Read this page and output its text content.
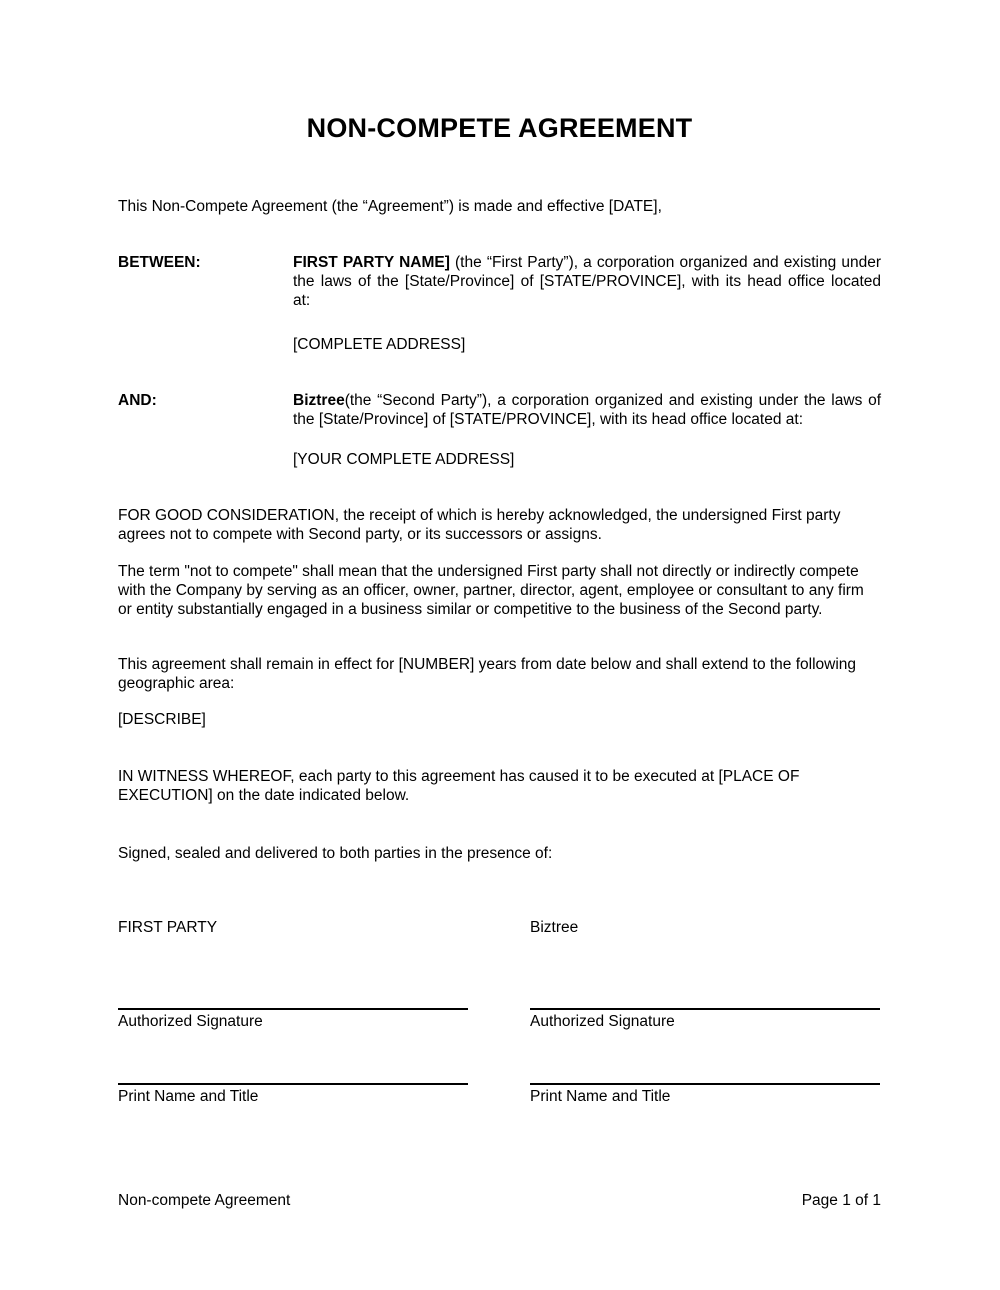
NON-COMPETE AGREEMENT
This Non-Compete Agreement (the “Agreement”) is made and effective [DATE],
BETWEEN:	FIRST PARTY NAME] (the “First Party”), a corporation organized and existing under the laws of the [State/Province] of [STATE/PROVINCE], with its head office located at:
[COMPLETE ADDRESS]
AND:	Biztree(the “Second Party”), a corporation organized and existing under the laws of the [State/Province] of [STATE/PROVINCE], with its head office located at:
[YOUR COMPLETE ADDRESS]
FOR GOOD CONSIDERATION, the receipt of which is hereby acknowledged, the undersigned First party agrees not to compete with Second party, or its successors or assigns.
The term "not to compete" shall mean that the undersigned First party shall not directly or indirectly compete with the Company by serving as an officer, owner, partner, director, agent, employee or consultant to any firm or entity substantially engaged in a business similar or competitive to the business of the Second party.
This agreement shall remain in effect for [NUMBER] years from date below and shall extend to the following geographic area:
[DESCRIBE]
IN WITNESS WHEREOF, each party to this agreement has caused it to be executed at [PLACE OF EXECUTION] on the date indicated below.
Signed, sealed and delivered to both parties in the presence of:
FIRST PARTY	Biztree
Authorized Signature	Authorized Signature
Print Name and Title	Print Name and Title
Non-compete Agreement	Page 1 of 1
